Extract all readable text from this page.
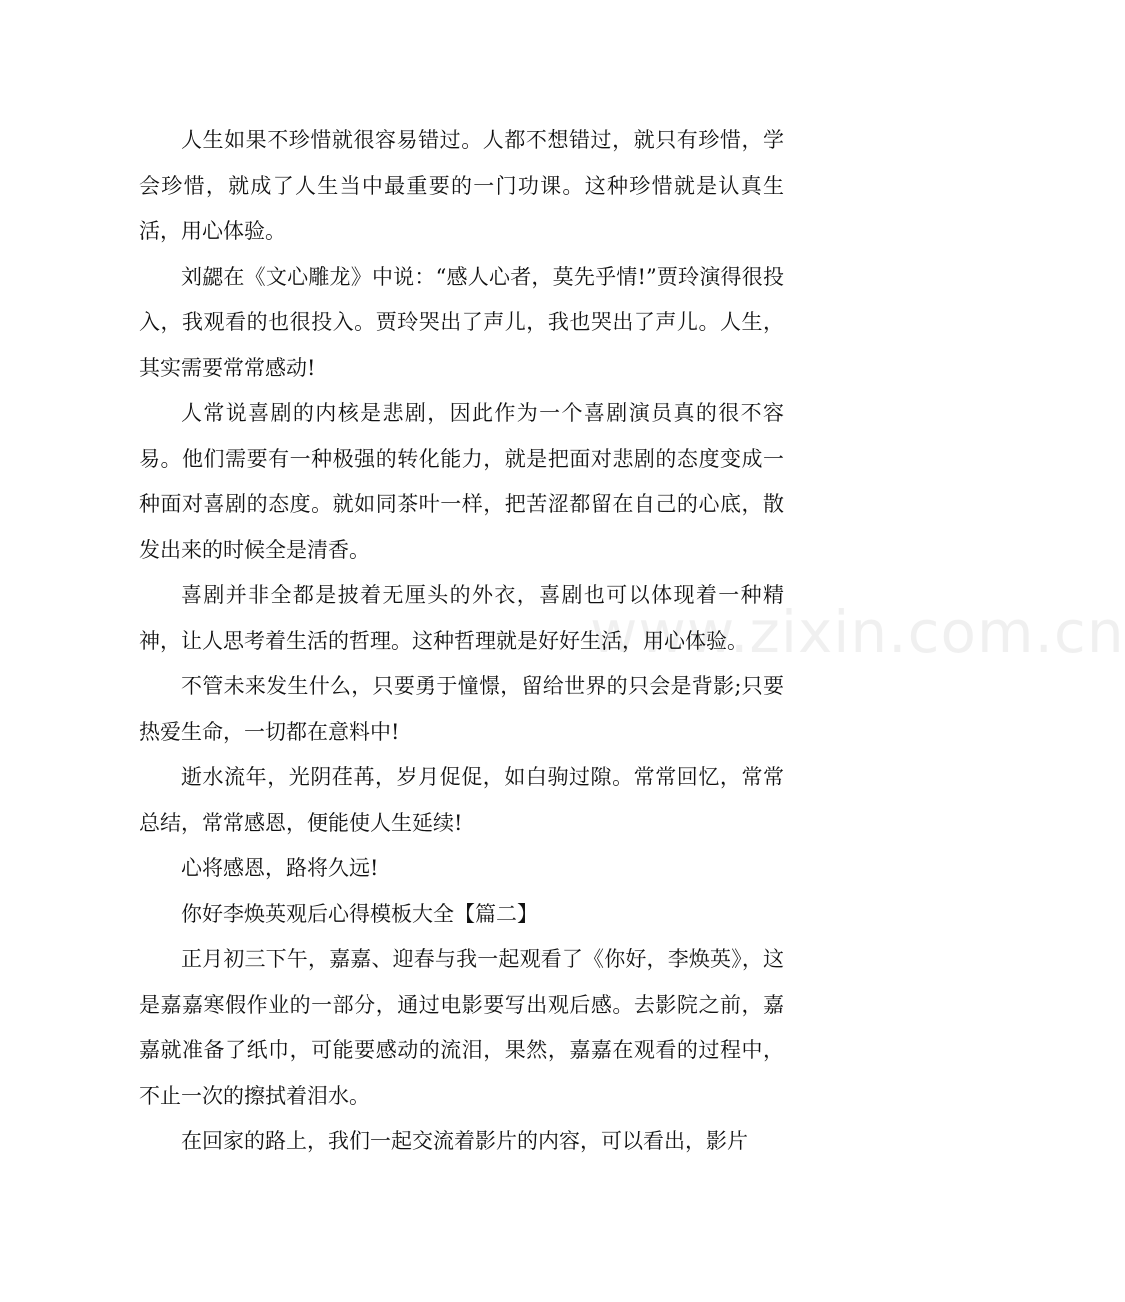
人生如果不珍惜就很容易错过。人都不想错过，就只有珍惜，学会珍惜，就成了人生当中最重要的一门功课。这种珍惜就是认真生活，用心体验。

刘勰在《文心雕龙》中说：“感人心者，莫先乎情!”贾玲演得很投入，我观看的也很投入。贾玲哭出了声儿，我也哭出了声儿。人生，其实需要常常感动!

人常说喜剧的内核是悲剧，因此作为一个喜剧演员真的很不容易。他们需要有一种极强的转化能力，就是把面对悲剧的态度变成一种面对喜剧的态度。就如同茶叶一样，把苦涩都留在自己的心底，散发出来的时候全是清香。

喜剧并非全都是披着无厘头的外衣，喜剧也可以体现着一种精神，让人思考着生活的哲理。这种哲理就是好好生活，用心体验。

不管未来发生什么，只要勇于憧憬，留给世界的只会是背影;只要热爱生命，一切都在意料中!

逝水流年，光阴荏苒，岁月促促，如白驹过隙。常常回忆，常常总结，常常感恩，便能使人生延续!

心将感恩，路将久远!

你好李焕英观后心得模板大全【篇二】

正月初三下午，嘉嘉、迎春与我一起观看了《你好，李焕英》，这是嘉嘉寒假作业的一部分，通过电影要写出观后感。去影院之前，嘉嘉就准备了纸巾，可能要感动的流泪，果然，嘉嘉在观看的过程中，不止一次的擦拭着泪水。

在回家的路上，我们一起交流着影片的内容，可以看出，影片

www.zixin.com.cn
